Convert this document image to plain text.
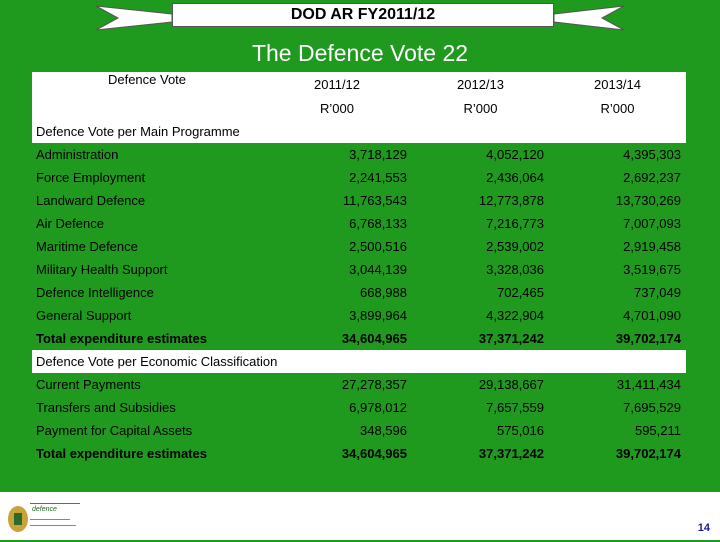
DOD AR FY2011/12
The Defence Vote 22
Defence Vote	2011/12	2012/13	2013/14
	R’000	R’000	R’000
Defence Vote per Main Programme			
Administration	3,718,129	4,052,120	4,395,303
Force Employment	2,241,553	2,436,064	2,692,237
Landward Defence	11,763,543	12,773,878	13,730,269
Air Defence	6,768,133	7,216,773	7,007,093
Maritime Defence	2,500,516	2,539,002	2,919,458
Military Health Support	3,044,139	3,328,036	3,519,675
Defence Intelligence	668,988	702,465	737,049
General Support	3,899,964	4,322,904	4,701,090
Total expenditure estimates	34,604,965	37,371,242	39,702,174
Defence Vote per Economic Classification			
Current Payments	27,278,357	29,138,667	31,411,434
Transfers and Subsidies	6,978,012	7,657,559	7,695,529
Payment for Capital Assets	348,596	575,016	595,211
Total expenditure estimates	34,604,965	37,371,242	39,702,174
defence
14
